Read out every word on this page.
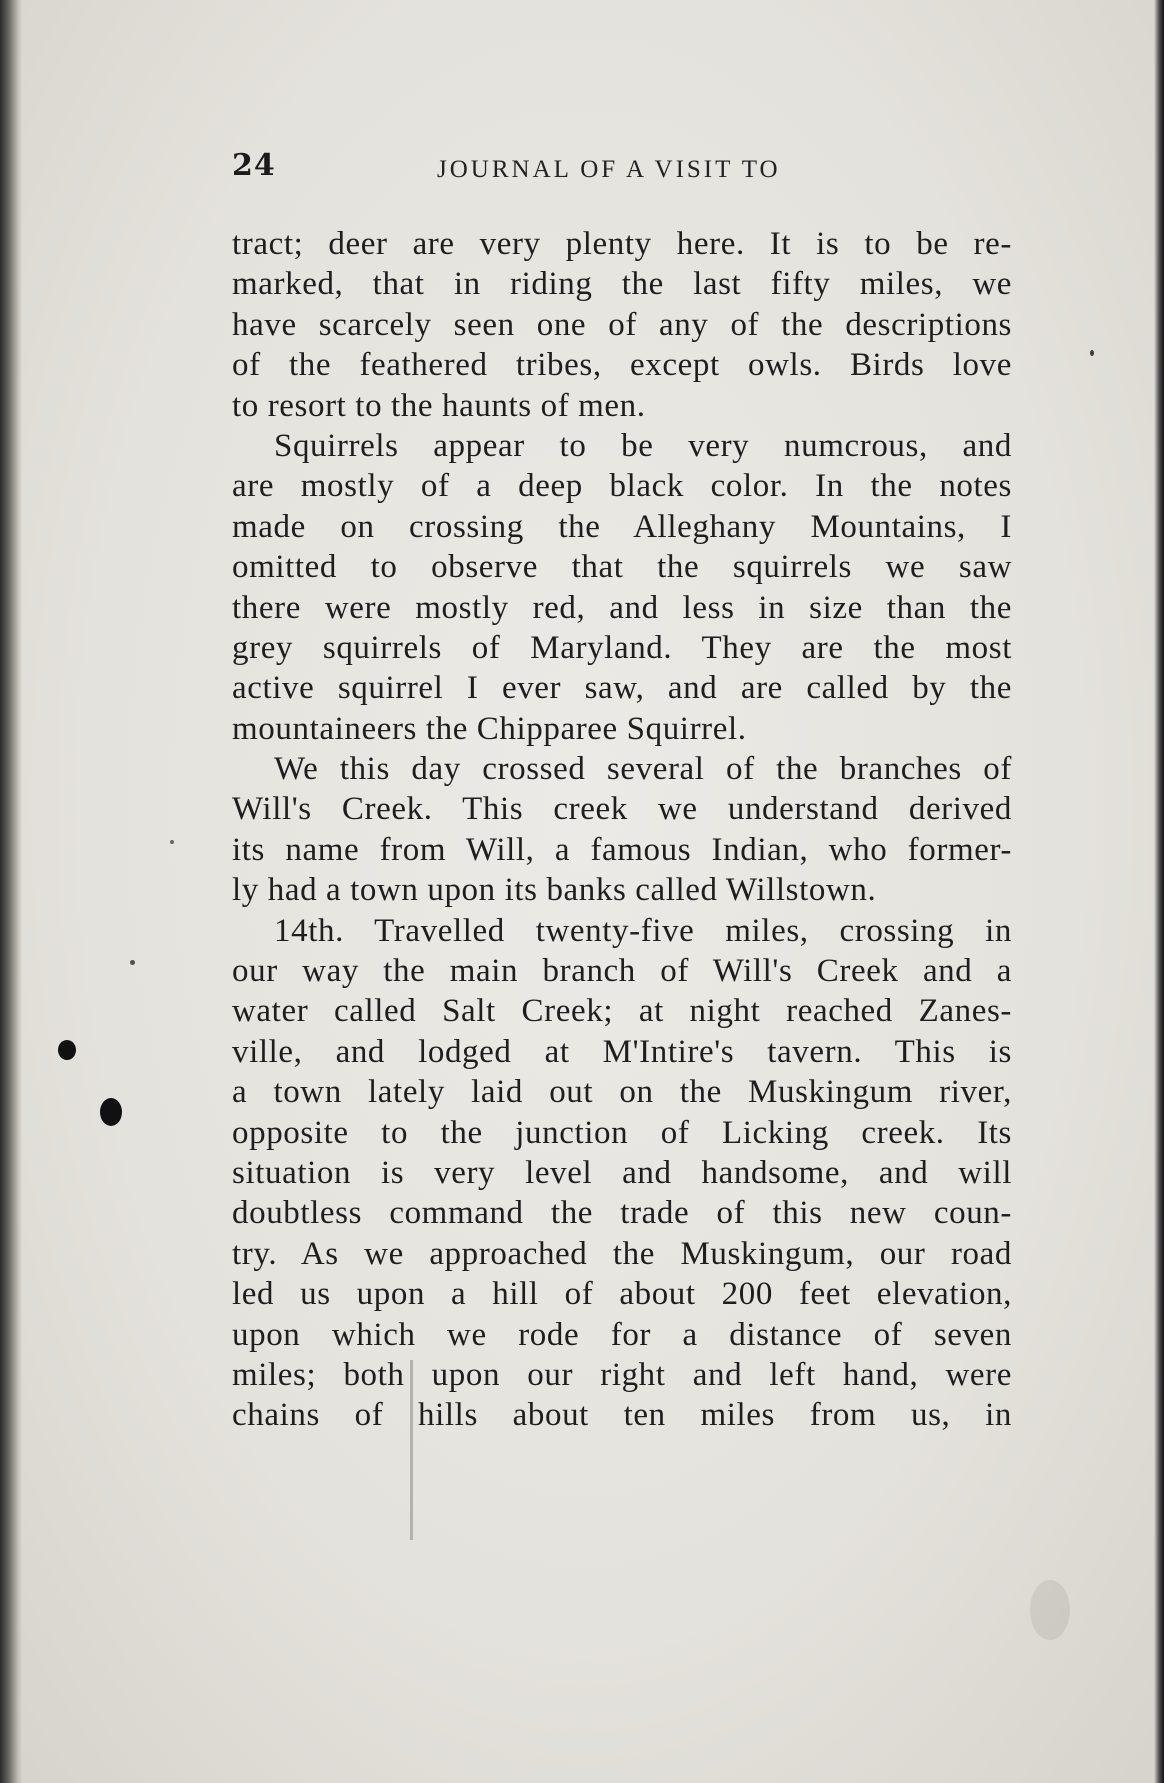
24	JOURNAL OF A VISIT TO
tract; deer are very plenty here. It is to be re-
marked, that in riding the last fifty miles, we
have scarcely seen one of any of the descriptions
of the feathered tribes, except owls. Birds love
to resort to the haunts of men.
Squirrels appear to be very numcrous, and
are mostly of a deep black color. In the notes
made on crossing the Alleghany Mountains, I
omitted to observe that the squirrels we saw
there were mostly red, and less in size than the
grey squirrels of Maryland. They are the most
active squirrel I ever saw, and are called by the
mountaineers the Chipparee Squirrel.
We this day crossed several of the branches of
Will's Creek. This creek we understand derived
its name from Will, a famous Indian, who former-
ly had a town upon its banks called Willstown.
14th. Travelled twenty-five miles, crossing in
our way the main branch of Will's Creek and a
water called Salt Creek; at night reached Zanes-
ville, and lodged at M'Intire's tavern. This is
a town lately laid out on the Muskingum river,
opposite to the junction of Licking creek. Its
situation is very level and handsome, and will
doubtless command the trade of this new coun-
try. As we approached the Muskingum, our road
led us upon a hill of about 200 feet elevation,
upon which we rode for a distance of seven
miles; both upon our right and left hand, were
chains of hills about ten miles from us, in
